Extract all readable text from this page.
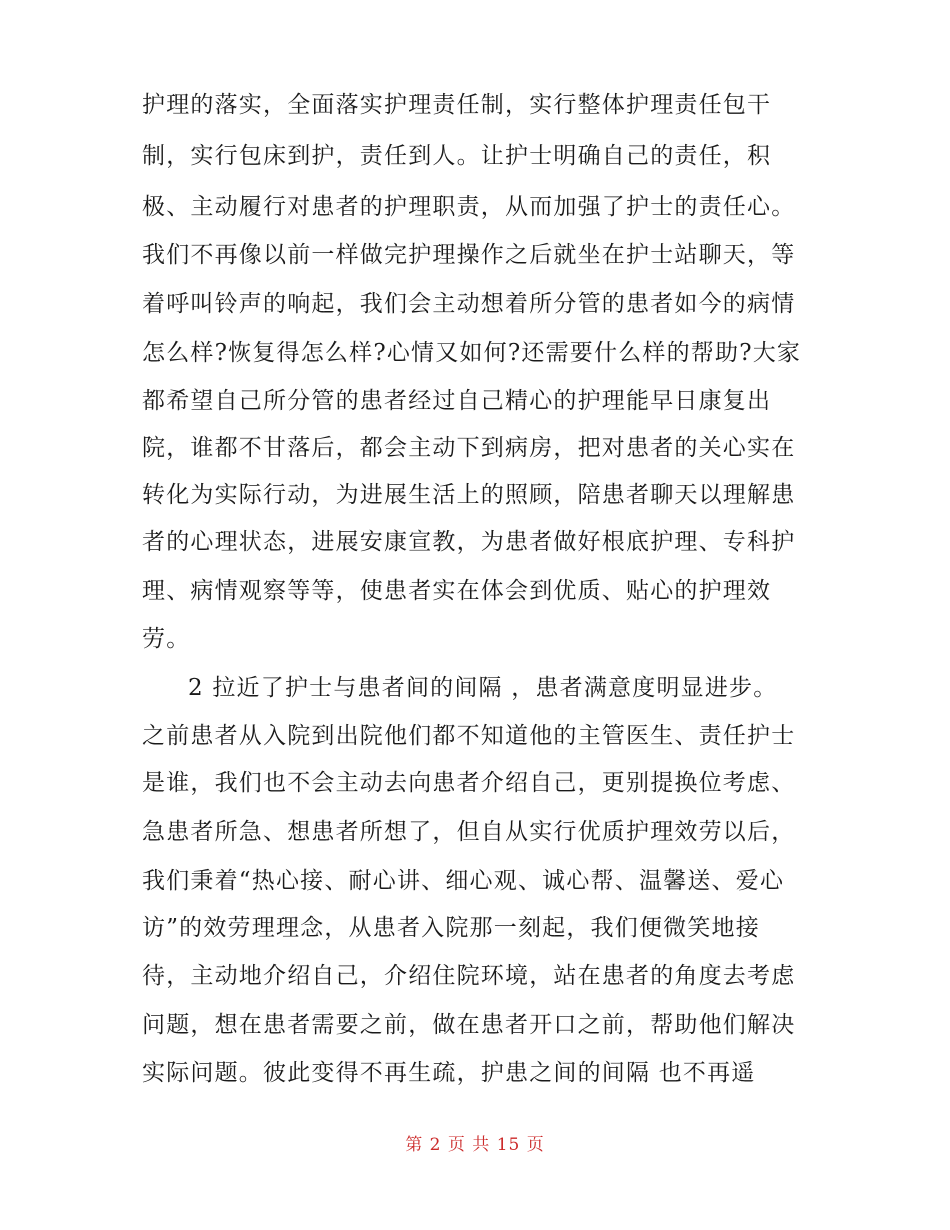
护理的落实，全面落实护理责任制，实行整体护理责任包干
制，实行包床到护，责任到人。让护士明确自己的责任，积
极、主动履行对患者的护理职责，从而加强了护士的责任心。
我们不再像以前一样做完护理操作之后就坐在护士站聊天，等
着呼叫铃声的响起，我们会主动想着所分管的患者如今的病情
怎么样?恢复得怎么样?心情又如何?还需要什么样的帮助?大家
都希望自己所分管的患者经过自己精心的护理能早日康复出
院，谁都不甘落后，都会主动下到病房，把对患者的关心实在
转化为实际行动，为进展生活上的照顾，陪患者聊天以理解患
者的心理状态，进展安康宣教，为患者做好根底护理、专科护
理、病情观察等等，使患者实在体会到优质、贴心的护理效
劳。
2 拉近了护士与患者间的间隔 ，患者满意度明显进步。
之前患者从入院到出院他们都不知道他的主管医生、责任护士
是谁，我们也不会主动去向患者介绍自己，更别提换位考虑、
急患者所急、想患者所想了，但自从实行优质护理效劳以后，
我们秉着“热心接、耐心讲、细心观、诚心帮、温馨送、爱心
访”的效劳理理念，从患者入院那一刻起，我们便微笑地接
待，主动地介绍自己，介绍住院环境，站在患者的角度去考虑
问题，想在患者需要之前，做在患者开口之前，帮助他们解决
实际问题。彼此变得不再生疏，护患之间的间隔 也不再遥
第 2 页 共 15 页
